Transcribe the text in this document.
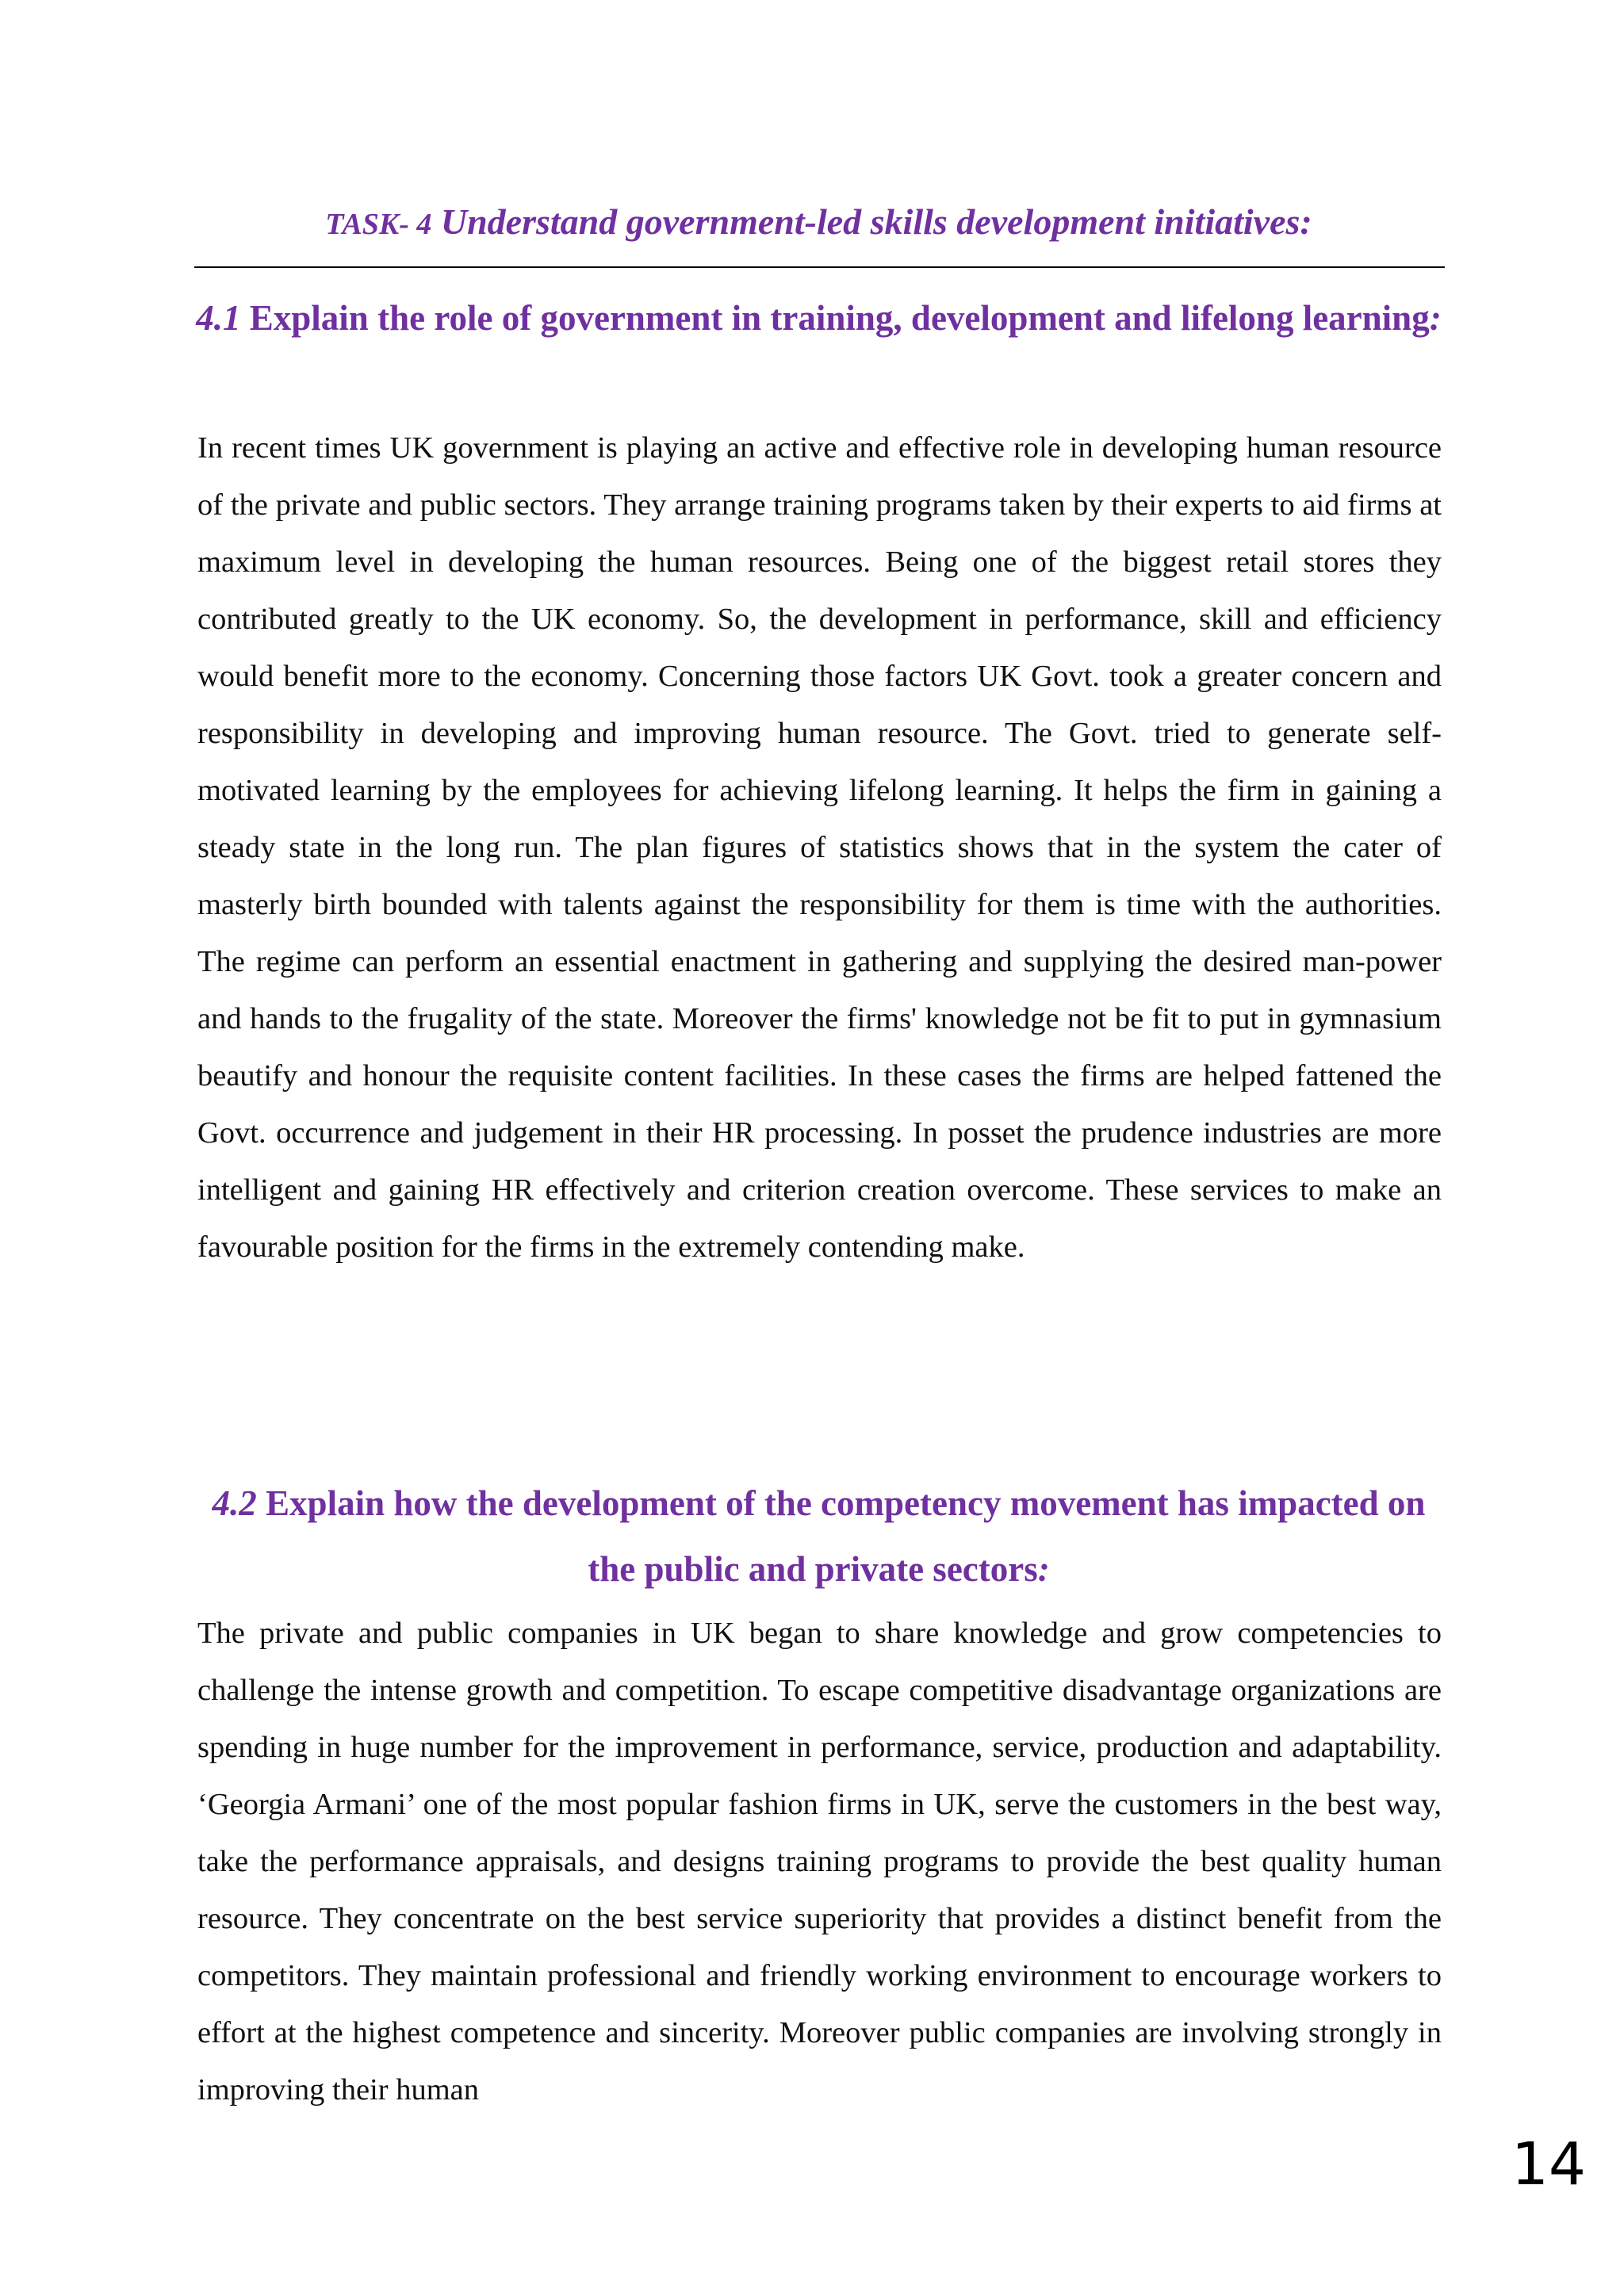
TASK- 4 Understand government-led skills development initiatives:
4.1 Explain the role of government in training, development and lifelong learning:

In recent times UK government is playing an active and effective role in developing human resource of the private and public sectors. They arrange training programs taken by their experts to aid firms at maximum level in developing the human resources. Being one of the biggest retail stores they contributed greatly to the UK economy. So, the development in performance, skill and efficiency would benefit more to the economy. Concerning those factors UK Govt. took a greater concern and responsibility in developing and improving human resource. The Govt. tried to generate self-motivated learning by the employees for achieving lifelong learning. It helps the firm in gaining a steady state in the long run. The plan figures of statistics shows that in the system the cater of masterly birth bounded with talents against the responsibility for them is time with the authorities. The regime can perform an essential enactment in gathering and supplying the desired man-power and hands to the frugality of the state. Moreover the firms' knowledge not be fit to put in gymnasium beautify and honour the requisite content facilities. In these cases the firms are helped fattened the Govt. occurrence and judgement in their HR processing. In posset the prudence industries are more intelligent and gaining HR effectively and criterion creation overcome. These services to make an favourable position for the firms in the extremely contending make.

4.2 Explain how the development of the competency movement has impacted on the public and private sectors:

The private and public companies in UK began to share knowledge and grow competencies to challenge the intense growth and competition. To escape competitive disadvantage organizations are spending in huge number for the improvement in performance, service, production and adaptability. ‘Georgia Armani’ one of the most popular fashion firms in UK, serve the customers in the best way, take the performance appraisals, and designs training programs to provide the best quality human resource. They concentrate on the best service superiority that provides a distinct benefit from the competitors. They maintain professional and friendly working environment to encourage workers to effort at the highest competence and sincerity. Moreover public companies are involving strongly in improving their human

14
